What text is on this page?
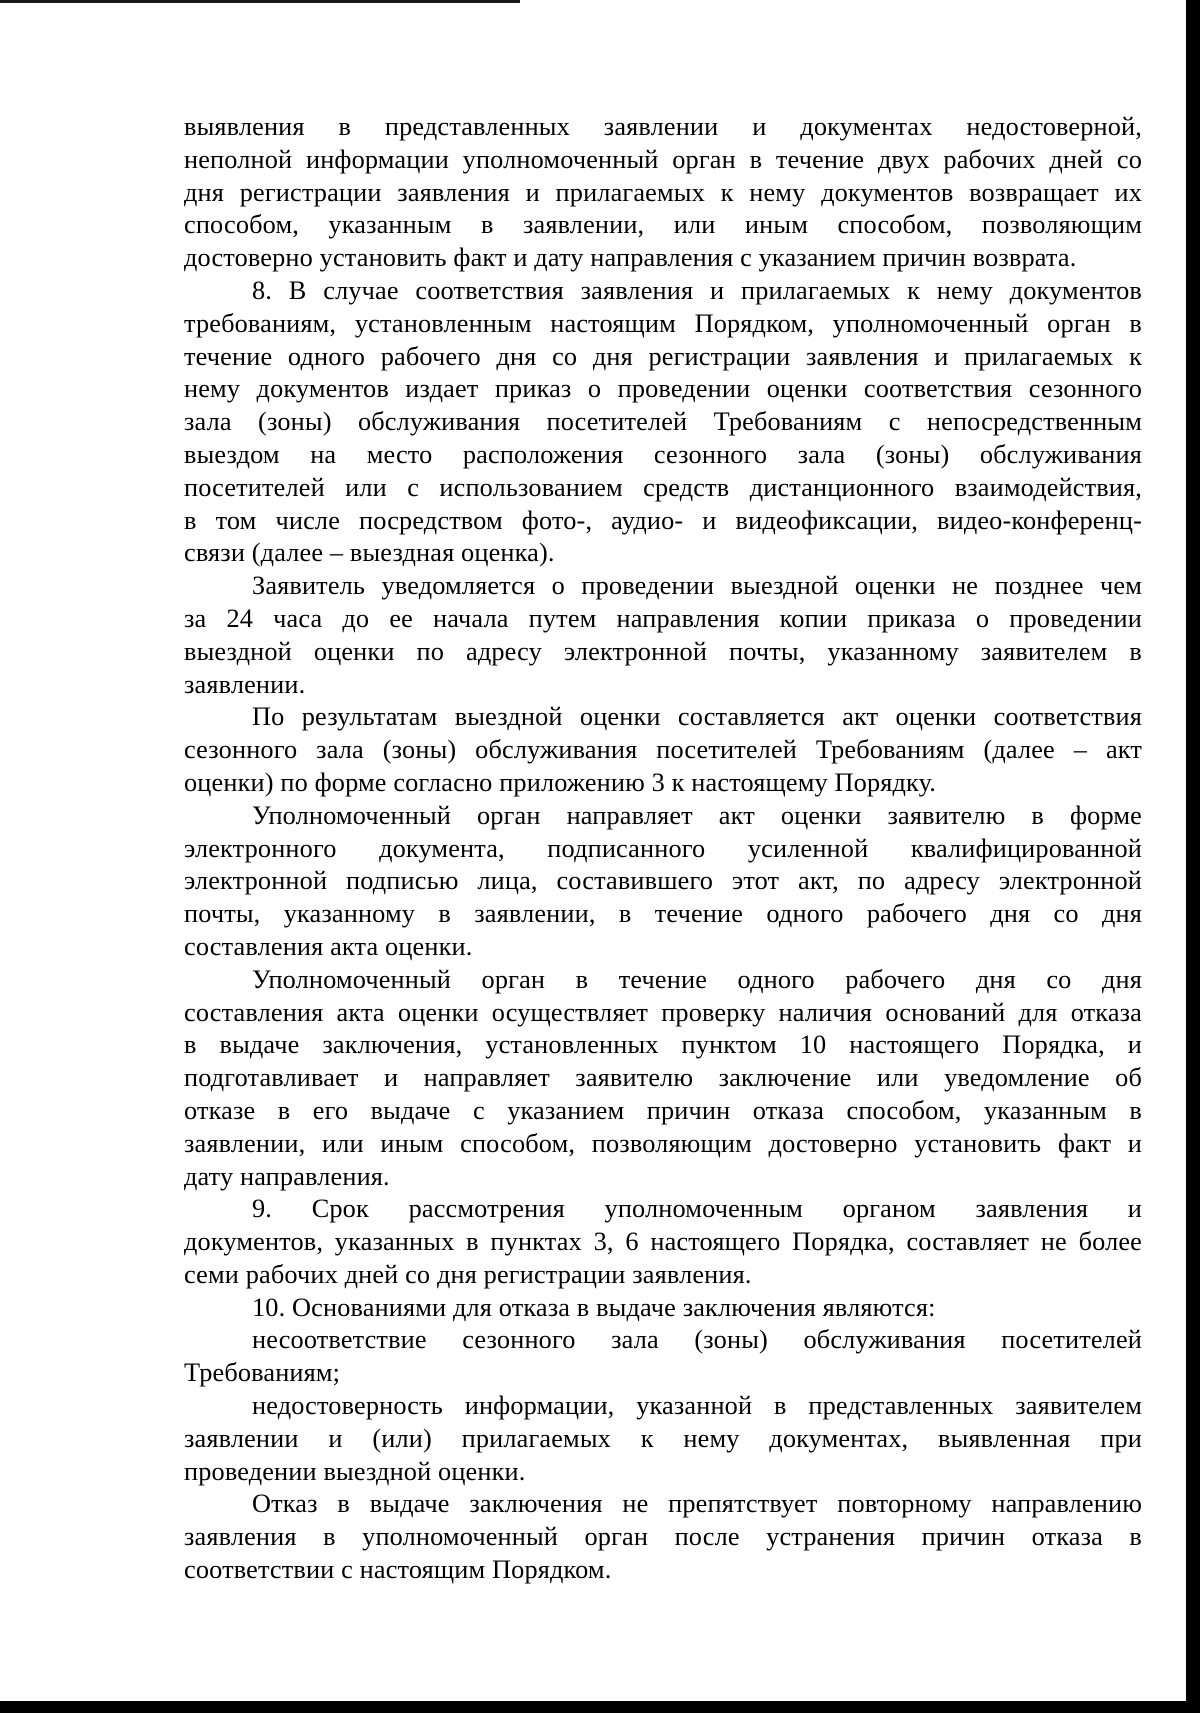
выявления в представленных заявлении и документах недостоверной,

неполной информации уполномоченный орган в течение двух рабочих дней со

дня регистрации заявления и прилагаемых к нему документов возвращает их

способом, указанным в заявлении, или иным способом, позволяющим

достоверно установить факт и дату направления с указанием причин возврата.

8. В случае соответствия заявления и прилагаемых к нему документов

требованиям, установленным настоящим Порядком, уполномоченный орган в

течение одного рабочего дня со дня регистрации заявления и прилагаемых к

нему документов издает приказ о проведении оценки соответствия сезонного

зала (зоны) обслуживания посетителей Требованиям с непосредственным

выездом на место расположения сезонного зала (зоны) обслуживания

посетителей или с использованием средств дистанционного взаимодействия,

в том числе посредством фото-, аудио- и видеофиксации, видео-конференц-

связи (далее – выездная оценка).

Заявитель уведомляется о проведении выездной оценки не позднее чем

за 24 часа до ее начала путем направления копии приказа о проведении

выездной оценки по адресу электронной почты, указанному заявителем в

заявлении.

По результатам выездной оценки составляется акт оценки соответствия

сезонного зала (зоны) обслуживания посетителей Требованиям (далее – акт

оценки) по форме согласно приложению 3 к настоящему Порядку.

Уполномоченный орган направляет акт оценки заявителю в форме

электронного документа, подписанного усиленной квалифицированной

электронной подписью лица, составившего этот акт, по адресу электронной

почты, указанному в заявлении, в течение одного рабочего дня со дня

составления акта оценки.

Уполномоченный орган в течение одного рабочего дня со дня

составления акта оценки осуществляет проверку наличия оснований для отказа

в выдаче заключения, установленных пунктом 10 настоящего Порядка, и

подготавливает и направляет заявителю заключение или уведомление об

отказе в его выдаче с указанием причин отказа способом, указанным в

заявлении, или иным способом, позволяющим достоверно установить факт и

дату направления.

9. Срок рассмотрения уполномоченным органом заявления и

документов, указанных в пунктах 3, 6 настоящего Порядка, составляет не более

семи рабочих дней со дня регистрации заявления.

10. Основаниями для отказа в выдаче заключения являются:

несоответствие сезонного зала (зоны) обслуживания посетителей

Требованиям;

недостоверность информации, указанной в представленных заявителем

заявлении и (или) прилагаемых к нему документах, выявленная при

проведении выездной оценки.

Отказ в выдаче заключения не препятствует повторному направлению

заявления в уполномоченный орган после устранения причин отказа в

соответствии с настоящим Порядком.
